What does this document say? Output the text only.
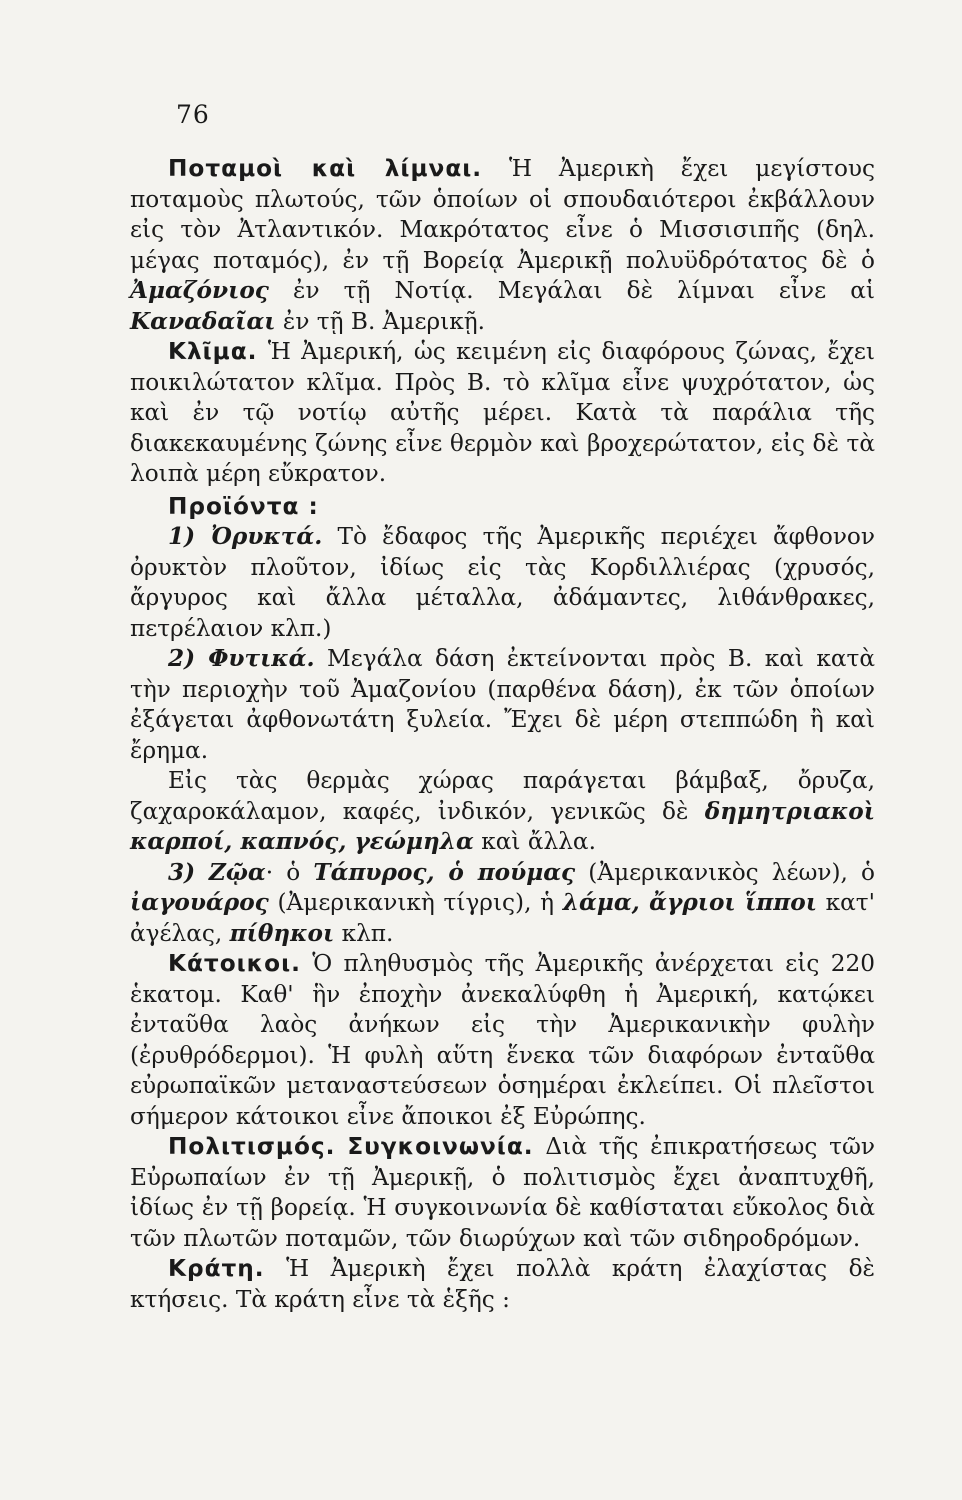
76

Ποταμοὶ καὶ λίμναι. Ἡ Ἀμερικὴ ἔχει μεγίστους ποταμοὺς πλωτούς, τῶν ὁποίων οἱ σπουδαιότεροι ἐκβάλλουν εἰς τὸν Ἀτλαντικόν. Μακρότατος εἶνε ὁ Μισσισιπῆς (δηλ. μέγας ποταμός), ἐν τῇ Βορείᾳ Ἀμερικῇ πολυϋδρότατος δὲ ὁ Ἀμαζόνιος ἐν τῇ Νοτίᾳ. Μεγάλαι δὲ λίμναι εἶνε αἱ Καναδαῖαι ἐν τῇ Β. Ἀμερικῇ.

Κλῖμα. Ἡ Ἀμερική, ὡς κειμένη εἰς διαφόρους ζώνας, ἔχει ποικιλώτατον κλῖμα. Πρὸς Β. τὸ κλῖμα εἶνε ψυχρότατον, ὡς καὶ ἐν τῷ νοτίῳ αὐτῆς μέρει. Κατὰ τὰ παράλια τῆς διακεκαυμένης ζώνης εἶνε θερμὸν καὶ βροχερώτατον, εἰς δὲ τὰ λοιπὰ μέρη εὔκρατον.

Προϊόντα :

1) Ὀρυκτά. Τὸ ἔδαφος τῆς Ἀμερικῆς περιέχει ἄφθονον ὀρυκτὸν πλοῦτον, ἰδίως εἰς τὰς Κορδιλλιέρας (χρυσός, ἄργυρος καὶ ἄλλα μέταλλα, ἀδάμαντες, λιθάνθρακες, πετρέλαιον κλπ.)

2) Φυτικά. Μεγάλα δάση ἐκτείνονται πρὸς Β. καὶ κατὰ τὴν περιοχὴν τοῦ Ἀμαζονίου (παρθένα δάση), ἐκ τῶν ὁποίων ἐξάγεται ἀφθονωτάτη ξυλεία. Ἔχει δὲ μέρη στεππώδη ἢ καὶ ἔρημα.

Εἰς τὰς θερμὰς χώρας παράγεται βάμβαξ, ὄρυζα, ζαχαροκάλαμον, καφές, ἰνδικόν, γενικῶς δὲ δημητριακοὶ καρποί, καπνός, γεώμηλα καὶ ἄλλα.

3) Ζῷα· ὁ Τάπυρος, ὁ πούμας (Ἀμερικανικὸς λέων), ὁ ἰαγουάρος (Ἀμερικανικὴ τίγρις), ἡ λάμα, ἄγριοι ἵπποι κατ' ἀγέλας, πίθηκοι κλπ.

Κάτοικοι. Ὁ πληθυσμὸς τῆς Ἀμερικῆς ἀνέρχεται εἰς 220 ἑκατομ. Καθ' ἣν ἐποχὴν ἀνεκαλύφθη ἡ Ἀμερική, κατῴκει ἐνταῦθα λαὸς ἀνήκων εἰς τὴν Ἀμερικανικὴν φυλὴν (ἐρυθρόδερμοι). Ἡ φυλὴ αὕτη ἕνεκα τῶν διαφόρων ἐνταῦθα εὐρωπαϊκῶν μεταναστεύσεων ὁσημέραι ἐκλείπει. Οἱ πλεῖστοι σήμερον κάτοικοι εἶνε ἄποικοι ἐξ Εὐρώπης.

Πολιτισμός. Συγκοινωνία. Διὰ τῆς ἐπικρατήσεως τῶν Εὐρωπαίων ἐν τῇ Ἀμερικῇ, ὁ πολιτισμὸς ἔχει ἀναπτυχθῆ, ἰδίως ἐν τῇ βορείᾳ. Ἡ συγκοινωνία δὲ καθίσταται εὔκολος διὰ τῶν πλωτῶν ποταμῶν, τῶν διωρύχων καὶ τῶν σιδηροδρόμων.

Κράτη. Ἡ Ἀμερικὴ ἔχει πολλὰ κράτη ἐλαχίστας δὲ κτήσεις. Τὰ κράτη εἶνε τὰ ἑξῆς :
